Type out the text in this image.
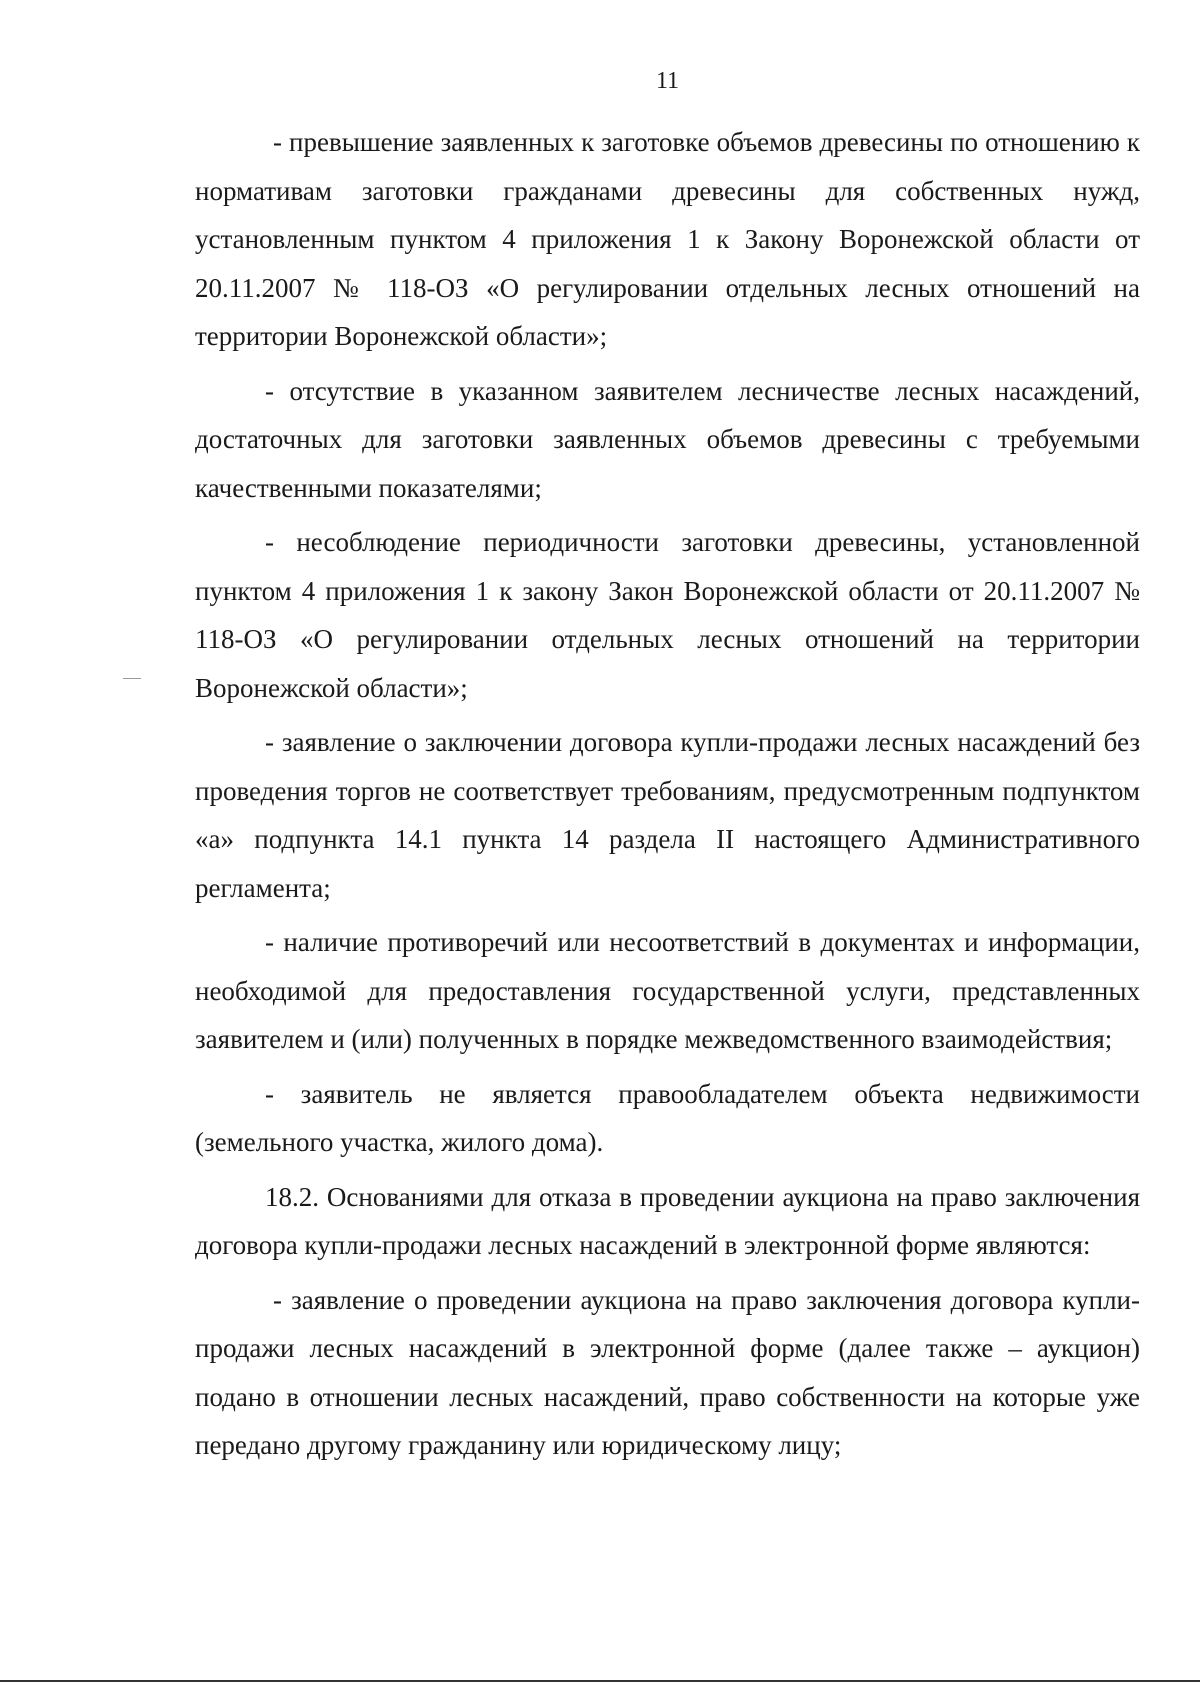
11

- превышение заявленных к заготовке объемов древесины по отношению к нормативам заготовки гражданами древесины для собственных нужд, установленным пунктом 4 приложения 1 к Закону Воронежской области от 20.11.2007 № 118-ОЗ «О регулировании отдельных лесных отношений на территории Воронежской области»;

- отсутствие в указанном заявителем лесничестве лесных насаждений, достаточных для заготовки заявленных объемов древесины с требуемыми качественными показателями;

- несоблюдение периодичности заготовки древесины, установленной пунктом 4 приложения 1 к закону Закон Воронежской области от 20.11.2007 № 118-ОЗ «О регулировании отдельных лесных отношений на территории Воронежской области»;

- заявление о заключении договора купли-продажи лесных насаждений без проведения торгов не соответствует требованиям, предусмотренным подпунктом «а» подпункта 14.1 пункта 14 раздела II настоящего Административного регламента;

- наличие противоречий или несоответствий в документах и информации, необходимой для предоставления государственной услуги, представленных заявителем и (или) полученных в порядке межведомственного взаимодействия;

- заявитель не является правообладателем объекта недвижимости (земельного участка, жилого дома).

18.2. Основаниями для отказа в проведении аукциона на право заключения договора купли-продажи лесных насаждений в электронной форме являются:

- заявление о проведении аукциона на право заключения договора купли-продажи лесных насаждений в электронной форме (далее также – аукцион) подано в отношении лесных насаждений, право собственности на которые уже передано другому гражданину или юридическому лицу;
